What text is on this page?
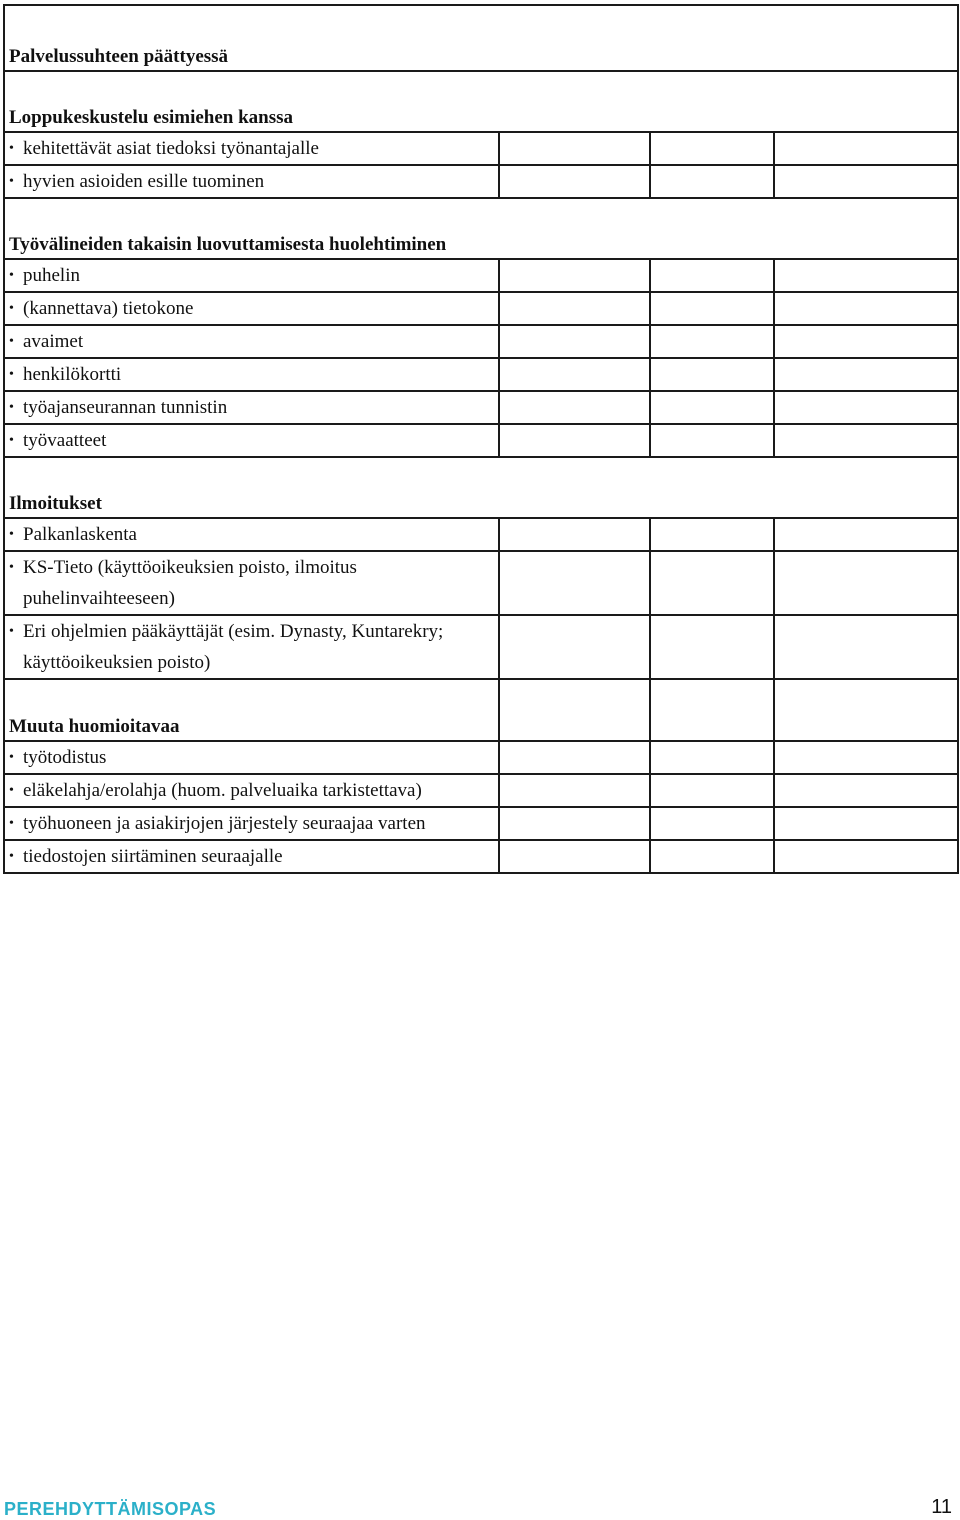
Palvelussuhteen päättyessä			

Loppukeskustelu esimiehen kanssa			

• kehitettävät asiat tiedoksi työnantajalle			

• hyvien asioiden esille tuominen			

Työvälineiden takaisin luovuttamisesta huolehtiminen			

• puhelin			

• (kannettava) tietokone			

• avaimet			

• henkilökortti			

• työajanseurannan tunnistin			

• työvaatteet			

Ilmoitukset			

• Palkanlaskenta			

• KS-Tieto (käyttöoikeuksien poisto, ilmoitus
puhelinvaihteeseen)			

• Eri ohjelmien pääkäyttäjät (esim. Dynasty, Kuntarekry;
käyttöoikeuksien poisto)			

Muuta huomioitavaa			

• työtodistus			

• eläkelahja/erolahja (huom. palveluaika tarkistettava)			

• työhuoneen ja asiakirjojen järjestely seuraajaa varten			

• tiedostojen siirtäminen seuraajalle			

PEREHDYTTÄMISOPAS	11
